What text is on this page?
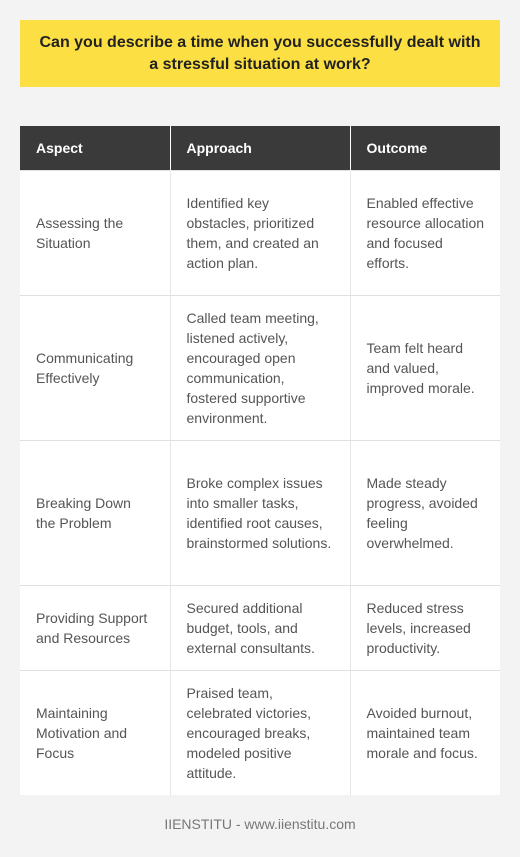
Can you describe a time when you successfully dealt with a stressful situation at work?
Aspect	Approach	Outcome
Assessing the Situation	Identified key obstacles, prioritized them, and created an action plan.	Enabled effective resource allocation and focused efforts.
Communicating Effectively	Called team meeting, listened actively, encouraged open communication, fostered supportive environment.	Team felt heard and valued, improved morale.
Breaking Down the Problem	Broke complex issues into smaller tasks, identified root causes, brainstormed solutions.	Made steady progress, avoided feeling overwhelmed.
Providing Support and Resources	Secured additional budget, tools, and external consultants.	Reduced stress levels, increased productivity.
Maintaining Motivation and Focus	Praised team, celebrated victories, encouraged breaks, modeled positive attitude.	Avoided burnout, maintained team morale and focus.
IIENSTITU - www.iienstitu.com
